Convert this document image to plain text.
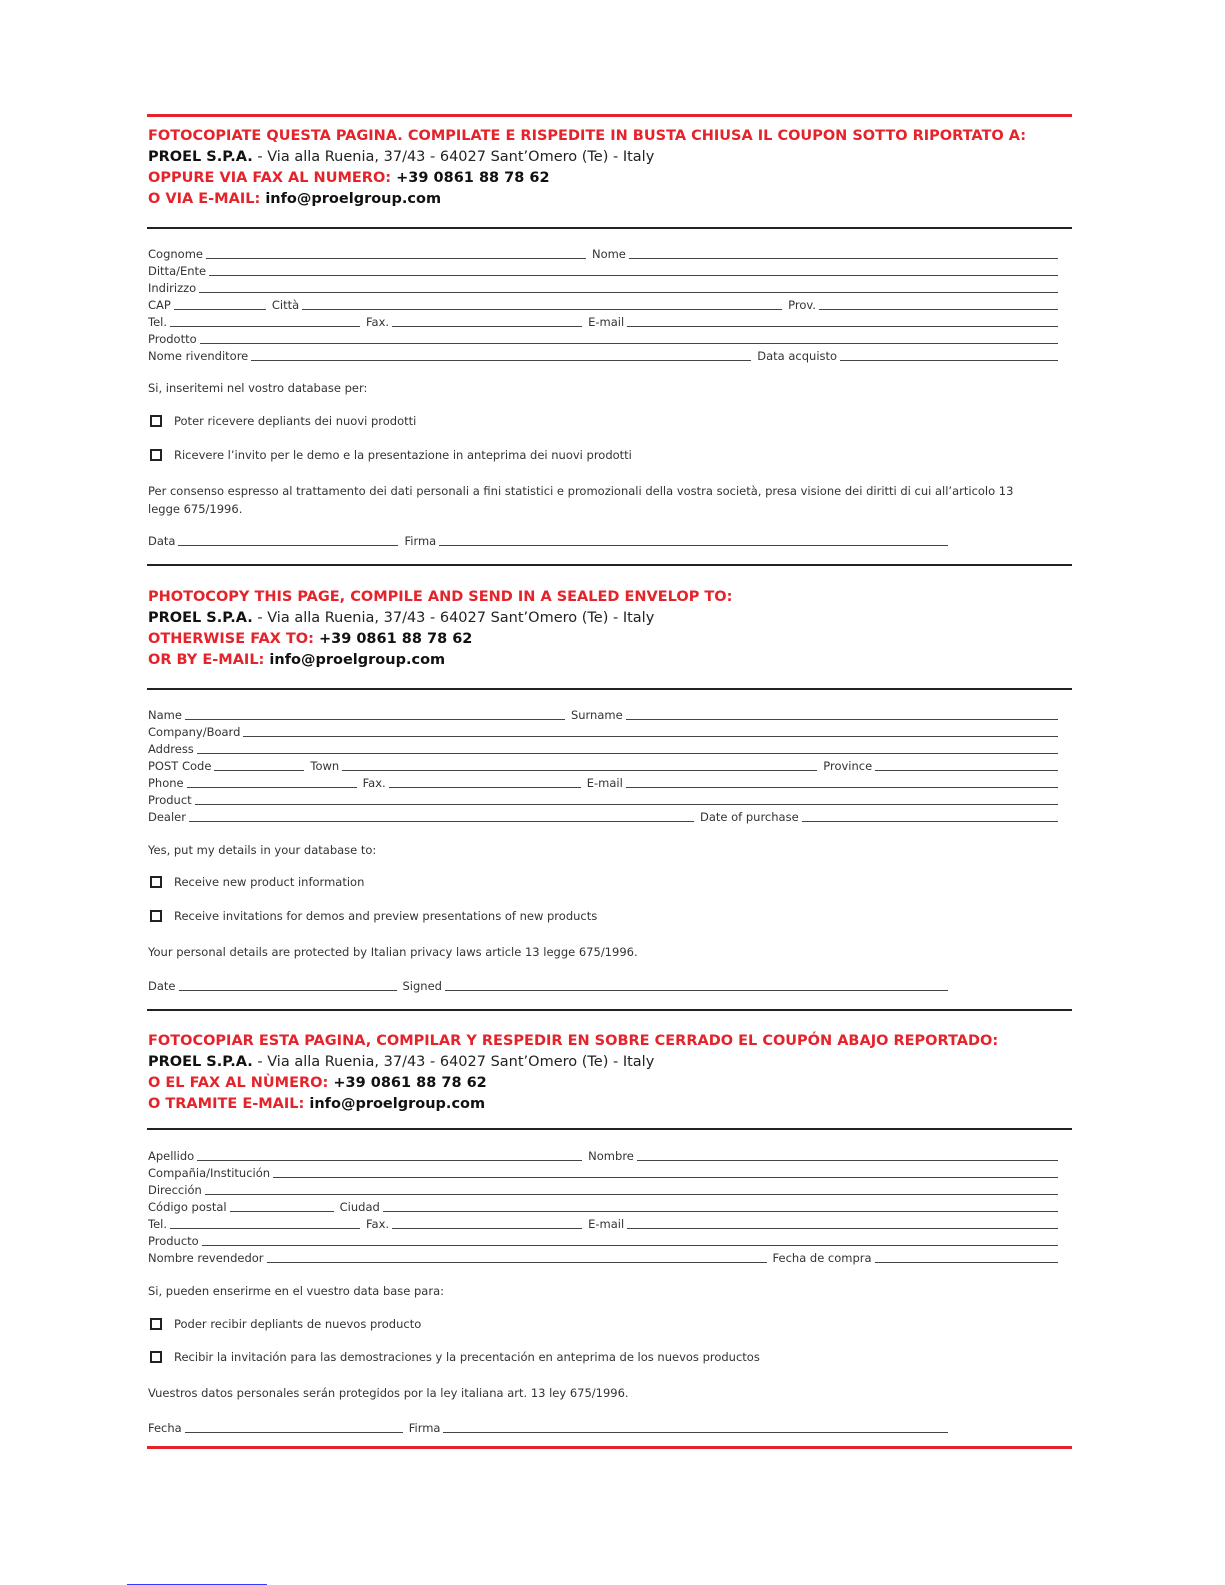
FOTOCOPIATE QUESTA PAGINA. COMPILATE E RISPEDITE IN BUSTA CHIUSA IL COUPON SOTTO RIPORTATO A:
PROEL S.P.A. - Via alla Ruenia, 37/43 - 64027 Sant’Omero (Te) - Italy
OPPURE VIA FAX AL NUMERO: +39 0861 88 78 62
O VIA E-MAIL: info@proelgroup.com
Cognome	Nome
Ditta/Ente
Indirizzo
CAP	Città	Prov.
Tel.	Fax.	E-mail
Prodotto
Nome rivenditore	Data acquisto
Si, inseritemi nel vostro database per:
Poter ricevere depliants dei nuovi prodotti
Ricevere l’invito per le demo e la presentazione in anteprima dei nuovi prodotti
Per consenso espresso al trattamento dei dati personali a fini statistici e promozionali della vostra società, presa visione dei diritti di cui all’articolo 13 legge 675/1996.
Data	Firma
PHOTOCOPY THIS PAGE, COMPILE AND SEND IN A SEALED ENVELOP TO:
PROEL S.P.A. - Via alla Ruenia, 37/43 - 64027 Sant’Omero (Te) - Italy
OTHERWISE FAX TO: +39 0861 88 78 62
OR BY E-MAIL: info@proelgroup.com
Name	Surname
Company/Board
Address
POST Code	Town	Province
Phone	Fax.	E-mail
Product
Dealer	Date of purchase
Yes, put my details in your database to:
Receive new product information
Receive invitations for demos and preview presentations of new products
Your personal details are protected by Italian privacy laws article 13 legge 675/1996.
Date	Signed
FOTOCOPIAR ESTA PAGINA, COMPILAR Y RESPEDIR EN SOBRE CERRADO EL COUPÓN ABAJO REPORTADO:
PROEL S.P.A. - Via alla Ruenia, 37/43 - 64027 Sant’Omero (Te) - Italy
O EL FAX AL NÙMERO: +39 0861 88 78 62
O TRAMITE E-MAIL: info@proelgroup.com
Apellido	Nombre
Compañia/Institución
Dirección
Código postal	Ciudad
Tel.	Fax.	E-mail
Producto
Nombre revendedor	Fecha de compra
Si, pueden enserirme en el vuestro data base para:
Poder recibir depliants de nuevos producto
Recibir la invitación para las demostraciones y la precentación en anteprima de los nuevos productos
Vuestros datos personales serán protegidos por la ley italiana art. 13 ley 675/1996.
Fecha	Firma
